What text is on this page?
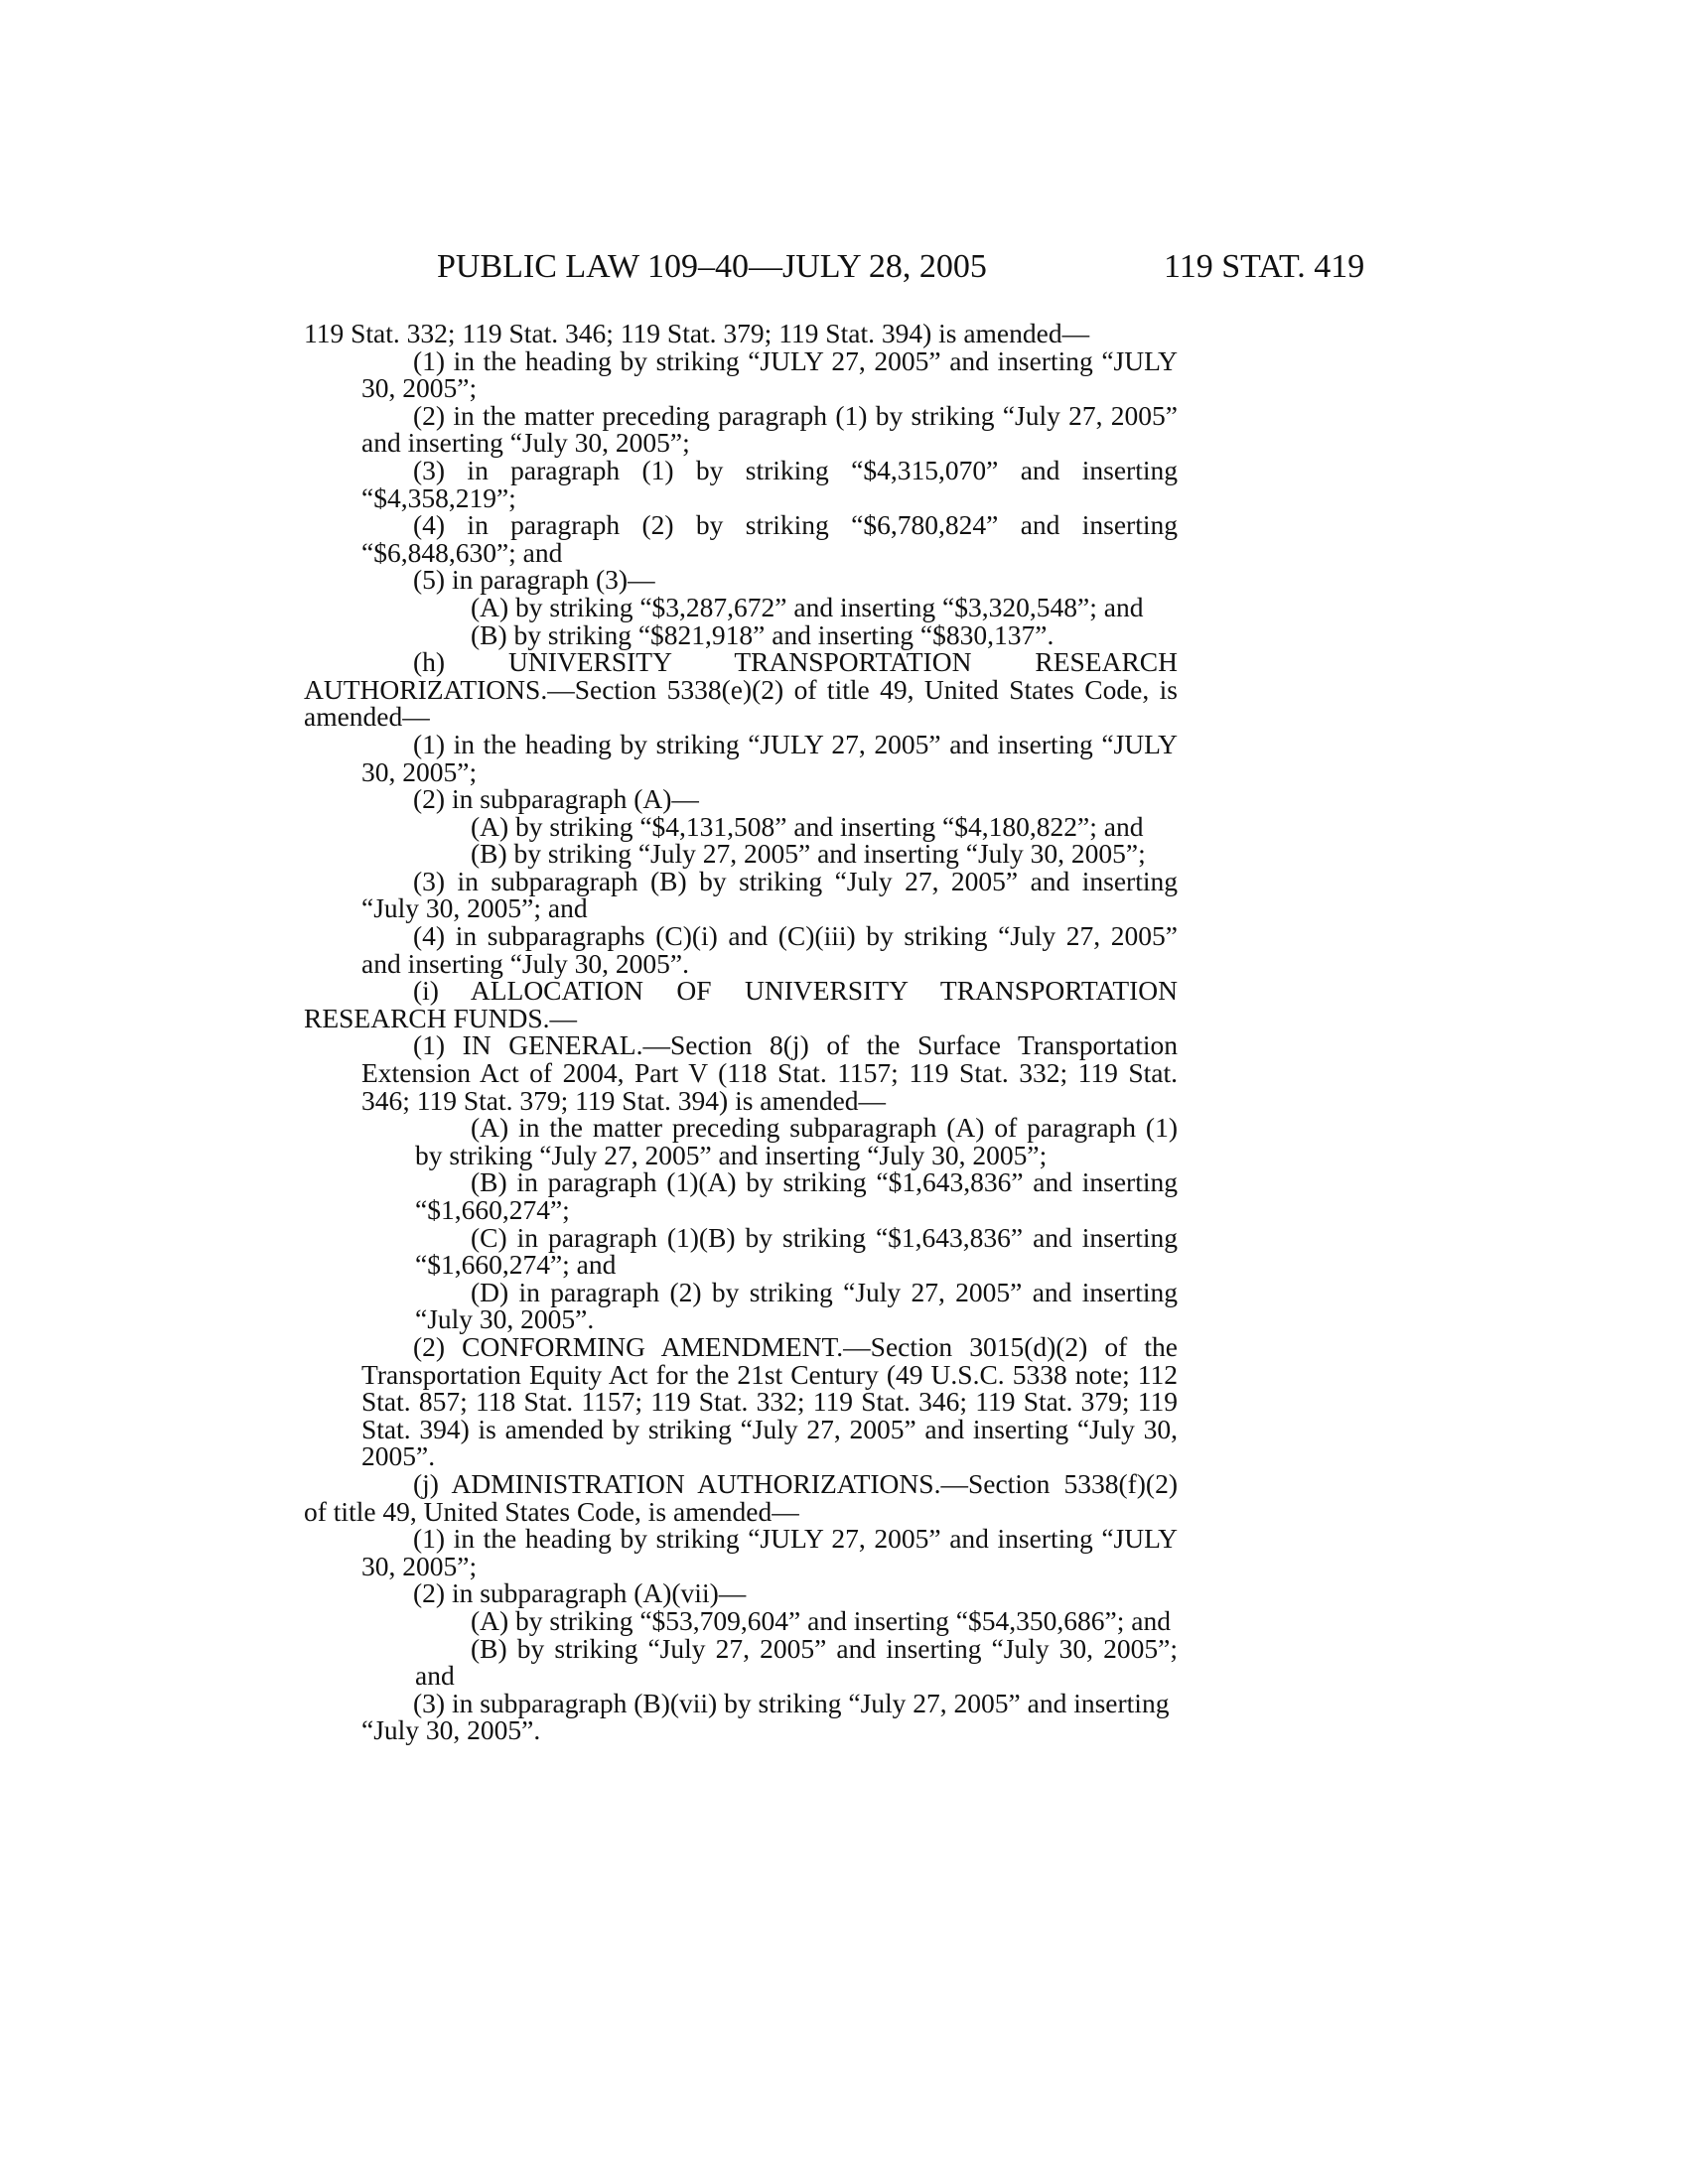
PUBLIC LAW 109–40—JULY 28, 2005	119 STAT. 419

119 Stat. 332; 119 Stat. 346; 119 Stat. 379; 119 Stat. 394) is amended—

(1) in the heading by striking “JULY 27, 2005” and inserting “JULY 30, 2005”;

(2) in the matter preceding paragraph (1) by striking “July 27, 2005” and inserting “July 30, 2005”;

(3) in paragraph (1) by striking “$4,315,070” and inserting “$4,358,219”;

(4) in paragraph (2) by striking “$6,780,824” and inserting “$6,848,630”; and

(5) in paragraph (3)—

(A) by striking “$3,287,672” and inserting “$3,320,548”; and

(B) by striking “$821,918” and inserting “$830,137”.

(h) UNIVERSITY TRANSPORTATION RESEARCH AUTHORIZATIONS.—Section 5338(e)(2) of title 49, United States Code, is amended—

(1) in the heading by striking “JULY 27, 2005” and inserting “JULY 30, 2005”;

(2) in subparagraph (A)—

(A) by striking “$4,131,508” and inserting “$4,180,822”; and

(B) by striking “July 27, 2005” and inserting “July 30, 2005”;

(3) in subparagraph (B) by striking “July 27, 2005” and inserting “July 30, 2005”; and

(4) in subparagraphs (C)(i) and (C)(iii) by striking “July 27, 2005” and inserting “July 30, 2005”.

(i) ALLOCATION OF UNIVERSITY TRANSPORTATION RESEARCH FUNDS.—

(1) IN GENERAL.—Section 8(j) of the Surface Transportation Extension Act of 2004, Part V (118 Stat. 1157; 119 Stat. 332; 119 Stat. 346; 119 Stat. 379; 119 Stat. 394) is amended—

(A) in the matter preceding subparagraph (A) of paragraph (1) by striking “July 27, 2005” and inserting “July 30, 2005”;

(B) in paragraph (1)(A) by striking “$1,643,836” and inserting “$1,660,274”;

(C) in paragraph (1)(B) by striking “$1,643,836” and inserting “$1,660,274”; and

(D) in paragraph (2) by striking “July 27, 2005” and inserting “July 30, 2005”.

(2) CONFORMING AMENDMENT.—Section 3015(d)(2) of the Transportation Equity Act for the 21st Century (49 U.S.C. 5338 note; 112 Stat. 857; 118 Stat. 1157; 119 Stat. 332; 119 Stat. 346; 119 Stat. 379; 119 Stat. 394) is amended by striking “July 27, 2005” and inserting “July 30, 2005”.

(j) ADMINISTRATION AUTHORIZATIONS.—Section 5338(f)(2) of title 49, United States Code, is amended—

(1) in the heading by striking “JULY 27, 2005” and inserting “JULY 30, 2005”;

(2) in subparagraph (A)(vii)—

(A) by striking “$53,709,604” and inserting “$54,350,686”; and

(B) by striking “July 27, 2005” and inserting “July 30, 2005”; and

(3) in subparagraph (B)(vii) by striking “July 27, 2005” and inserting “July 30, 2005”.
